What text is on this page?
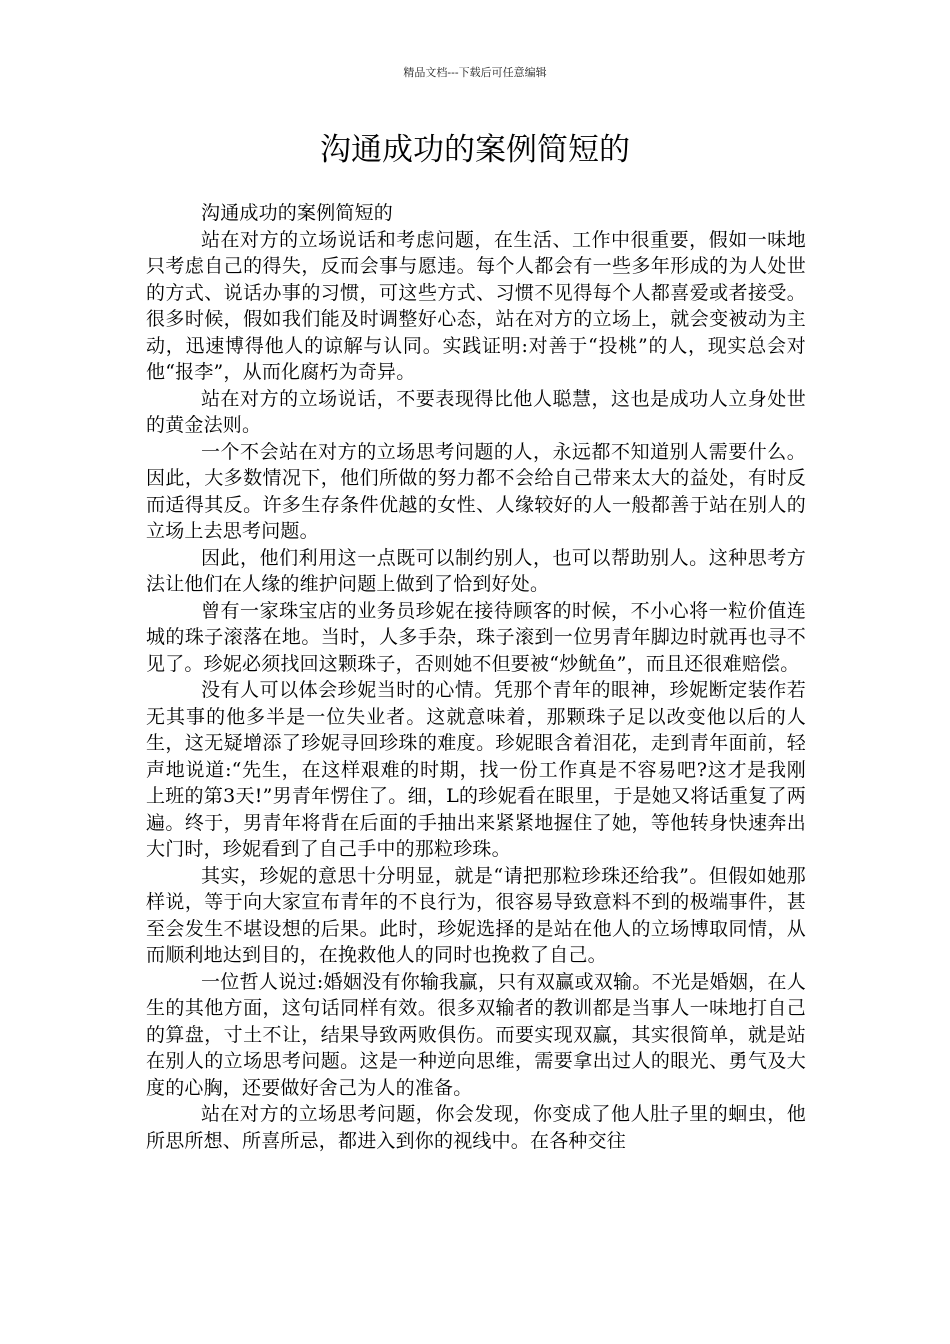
精品文档---下载后可任意编辑
沟通成功的案例简短的

沟通成功的案例简短的

站在对方的立场说话和考虑问题，在生活、工作中很重要，假如一味地只考虑自己的得失，反而会事与愿违。每个人都会有一些多年形成的为人处世的方式、说话办事的习惯，可这些方式、习惯不见得每个人都喜爱或者接受。很多时候，假如我们能及时调整好心态，站在对方的立场上，就会变被动为主动，迅速博得他人的谅解与认同。实践证明:对善于“投桃”的人，现实总会对他“报李”，从而化腐朽为奇异。

站在对方的立场说话，不要表现得比他人聪慧，这也是成功人立身处世的黄金法则。

一个不会站在对方的立场思考问题的人，永远都不知道别人需要什么。因此，大多数情况下，他们所做的努力都不会给自己带来太大的益处，有时反而适得其反。许多生存条件优越的女性、人缘较好的人一般都善于站在别人的立场上去思考问题。

因此，他们利用这一点既可以制约别人，也可以帮助别人。这种思考方法让他们在人缘的维护问题上做到了恰到好处。

曾有一家珠宝店的业务员珍妮在接待顾客的时候，不小心将一粒价值连城的珠子滚落在地。当时，人多手杂，珠子滚到一位男青年脚边时就再也寻不见了。珍妮必须找回这颗珠子，否则她不但要被“炒鱿鱼”，而且还很难赔偿。

没有人可以体会珍妮当时的心情。凭那个青年的眼神，珍妮断定装作若无其事的他多半是一位失业者。这就意味着，那颗珠子足以改变他以后的人生，这无疑增添了珍妮寻回珍珠的难度。珍妮眼含着泪花，走到青年面前，轻声地说道:“先生，在这样艰难的时期，找一份工作真是不容易吧?这才是我刚上班的第3天!”男青年愣住了。细，L的珍妮看在眼里，于是她又将话重复了两遍。终于，男青年将背在后面的手抽出来紧紧地握住了她，等他转身快速奔出大门时，珍妮看到了自己手中的那粒珍珠。

其实，珍妮的意思十分明显，就是“请把那粒珍珠还给我”。但假如她那样说，等于向大家宣布青年的不良行为，很容易导致意料不到的极端事件，甚至会发生不堪设想的后果。此时，珍妮选择的是站在他人的立场博取同情，从而顺利地达到目的，在挽救他人的同时也挽救了自己。

一位哲人说过:婚姻没有你输我赢，只有双赢或双输。不光是婚姻，在人生的其他方面，这句话同样有效。很多双输者的教训都是当事人一味地打自己的算盘，寸土不让，结果导致两败俱伤。而要实现双赢，其实很简单，就是站在别人的立场思考问题。这是一种逆向思维，需要拿出过人的眼光、勇气及大度的心胸，还要做好舍己为人的准备。

站在对方的立场思考问题，你会发现，你变成了他人肚子里的蛔虫，他所思所想、所喜所忌，都进入到你的视线中。在各种交往
